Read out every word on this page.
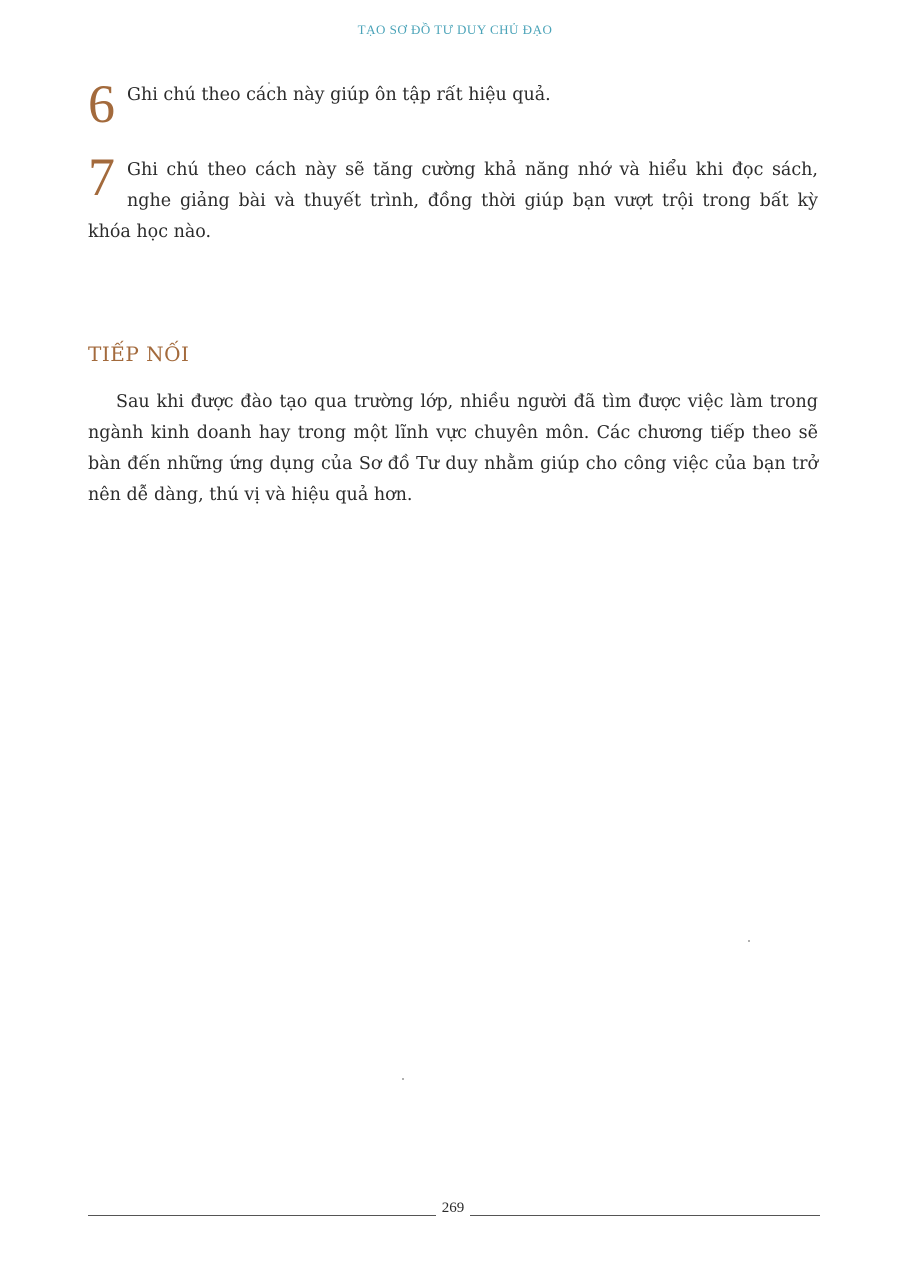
TẠO SƠ ĐỒ TƯ DUY CHỦ ĐẠO
6 Ghi chú theo cách này giúp ôn tập rất hiệu quả.
7 Ghi chú theo cách này sẽ tăng cường khả năng nhớ và hiểu khi đọc sách, nghe giảng bài và thuyết trình, đồng thời giúp bạn vượt trội trong bất kỳ khóa học nào.
TIẾP NỐI
Sau khi được đào tạo qua trường lớp, nhiều người đã tìm được việc làm trong ngành kinh doanh hay trong một lĩnh vực chuyên môn. Các chương tiếp theo sẽ bàn đến những ứng dụng của Sơ đồ Tư duy nhằm giúp cho công việc của bạn trở nên dễ dàng, thú vị và hiệu quả hơn.
269
